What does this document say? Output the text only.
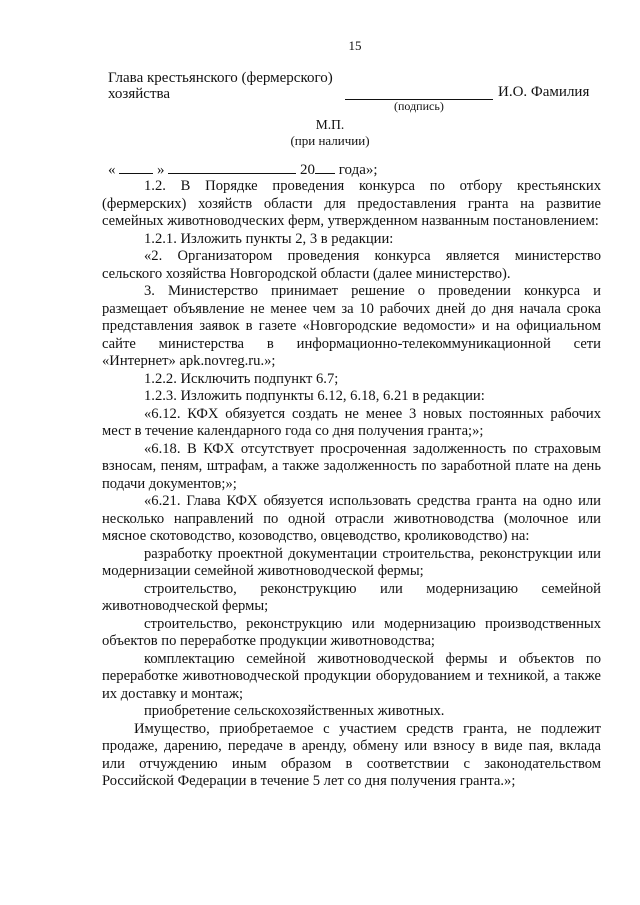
15
Глава крестьянского (фермерского)
хозяйства	И.О. Фамилия
(подпись)
М.П.
(при наличии)
«	»	20 года»;

1.2. В Порядке проведения конкурса по отбору крестьянских (фермерских) хозяйств области для предоставления гранта на развитие семейных животноводческих ферм, утвержденном названным постановлением:

1.2.1. Изложить пункты 2, 3 в редакции:

«2. Организатором проведения конкурса является министерство сельского хозяйства Новгородской области (далее министерство).

3. Министерство принимает решение о проведении конкурса и размещает объявление не менее чем за 10 рабочих дней до дня начала срока представления заявок в газете «Новгородские ведомости» и на официальном сайте министерства в информационно-телекоммуникационной сети «Интернет» apk.novreg.ru.»;

1.2.2. Исключить подпункт 6.7;

1.2.3. Изложить подпункты 6.12, 6.18, 6.21 в редакции:

«6.12. КФХ обязуется создать не менее 3 новых постоянных рабочих мест в течение календарного года со дня получения гранта;»;

«6.18. В КФХ отсутствует просроченная задолженность по страховым взносам, пеням, штрафам, а также задолженность по заработной плате на день подачи документов;»;

«6.21. Глава КФХ обязуется использовать средства гранта на одно или несколько направлений по одной отрасли животноводства (молочное или мясное скотоводство, козоводство, овцеводство, кролиководство) на:

разработку проектной документации строительства, реконструкции или модернизации семейной животноводческой фермы;

строительство, реконструкцию или модернизацию семейной животноводческой фермы;

строительство, реконструкцию или модернизацию производственных объектов по переработке продукции животноводства;

комплектацию семейной животноводческой фермы и объектов по переработке животноводческой продукции оборудованием и техникой, а также их доставку и монтаж;

приобретение сельскохозяйственных животных.

Имущество, приобретаемое с участием средств гранта, не подлежит продаже, дарению, передаче в аренду, обмену или взносу в виде пая, вклада или отчуждению иным образом в соответствии с законодательством Российской Федерации в течение 5 лет со дня получения гранта.»;
